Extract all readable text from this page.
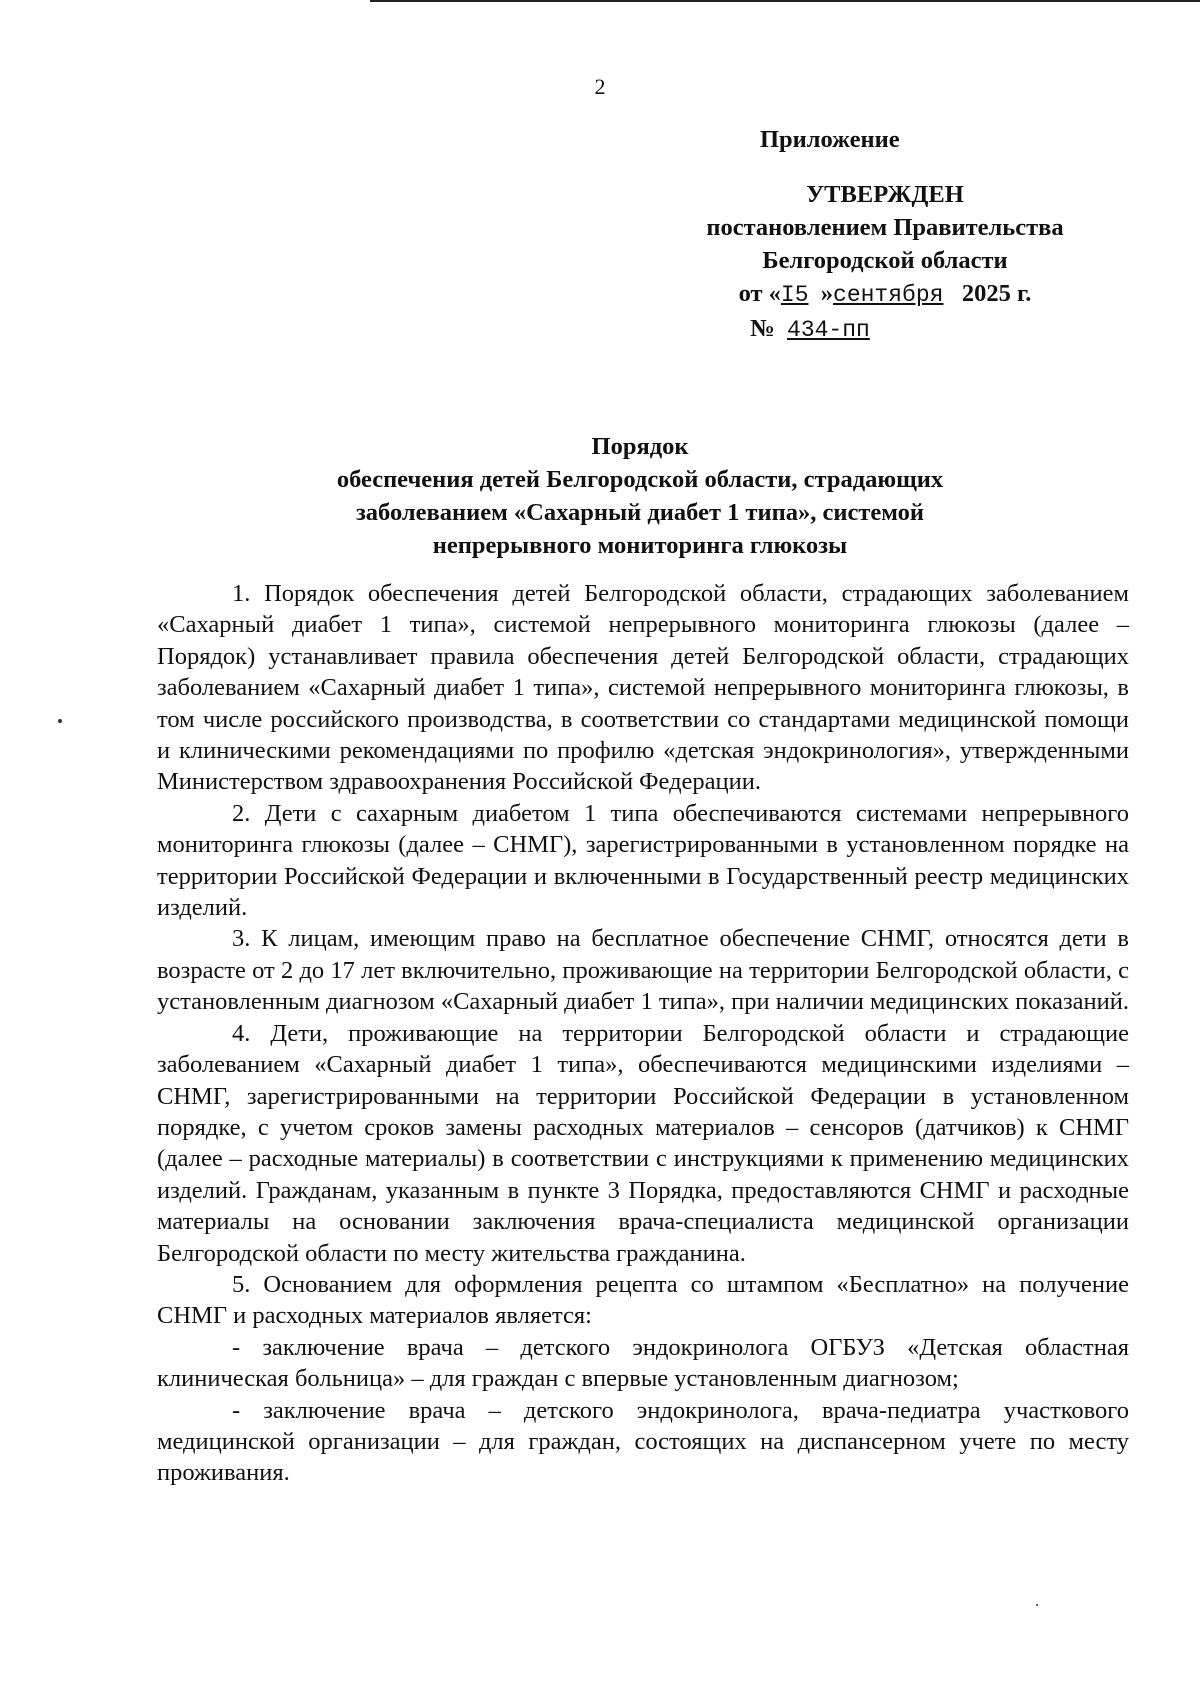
2
Приложение
УТВЕРЖДЕН
постановлением Правительства
Белгородской области
от «I5 »сентября 2025 г.
№ 434-пп
Порядок
обеспечения детей Белгородской области, страдающих
заболеванием «Сахарный диабет 1 типа», системой
непрерывного мониторинга глюкозы

1. Порядок обеспечения детей Белгородской области, страдающих заболеванием «Сахарный диабет 1 типа», системой непрерывного мониторинга глюкозы (далее – Порядок) устанавливает правила обеспечения детей Белгородской области, страдающих заболеванием «Сахарный диабет 1 типа», системой непрерывного мониторинга глюкозы, в том числе российского производства, в соответствии со стандартами медицинской помощи и клиническими рекомендациями по профилю «детская эндокринология», утвержденными Министерством здравоохранения Российской Федерации.

2. Дети с сахарным диабетом 1 типа обеспечиваются системами непрерывного мониторинга глюкозы (далее – СНМГ), зарегистрированными в установленном порядке на территории Российской Федерации и включенными в Государственный реестр медицинских изделий.

3. К лицам, имеющим право на бесплатное обеспечение СНМГ, относятся дети в возрасте от 2 до 17 лет включительно, проживающие на территории Белгородской области, с установленным диагнозом «Сахарный диабет 1 типа», при наличии медицинских показаний.

4. Дети, проживающие на территории Белгородской области и страдающие заболеванием «Сахарный диабет 1 типа», обеспечиваются медицинскими изделиями – СНМГ, зарегистрированными на территории Российской Федерации в установленном порядке, с учетом сроков замены расходных материалов – сенсоров (датчиков) к СНМГ (далее – расходные материалы) в соответствии с инструкциями к применению медицинских изделий. Гражданам, указанным в пункте 3 Порядка, предоставляются СНМГ и расходные материалы на основании заключения врача-специалиста медицинской организации Белгородской области по месту жительства гражданина.

5. Основанием для оформления рецепта со штампом «Бесплатно» на получение СНМГ и расходных материалов является:

- заключение врача – детского эндокринолога ОГБУЗ «Детская областная клиническая больница» – для граждан с впервые установленным диагнозом;

- заключение врача – детского эндокринолога, врача-педиатра участкового медицинской организации – для граждан, состоящих на диспансерном учете по месту проживания.
